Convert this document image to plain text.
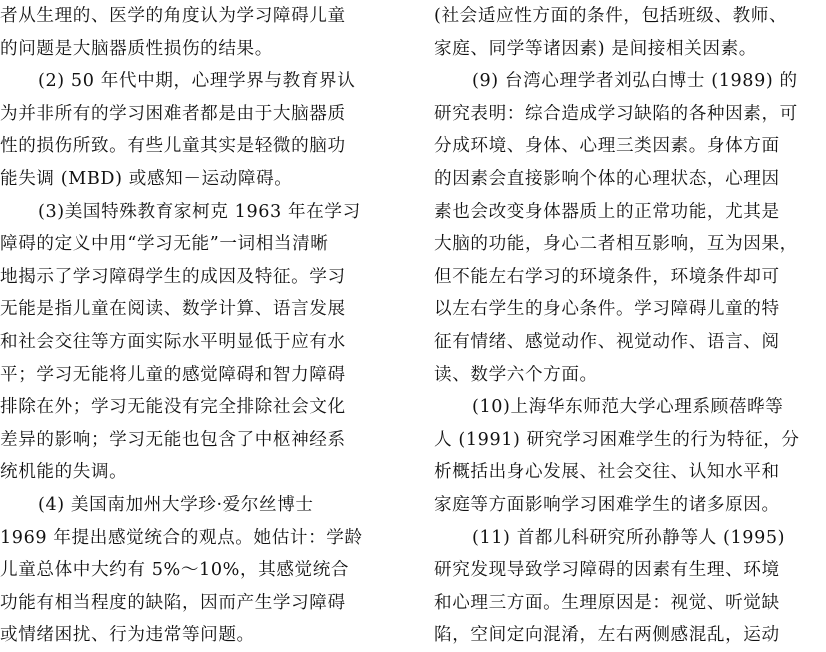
者从生理的、医学的角度认为学习障碍儿童
的问题是大脑器质性损伤的结果。
(2) 50 年代中期，心理学界与教育界认
为并非所有的学习困难者都是由于大脑器质
性的损伤所致。有些儿童其实是轻微的脑功
能失调 (MBD) 或感知－运动障碍。
(3)美国特殊教育家柯克 1963 年在学习
障碍的定义中用“学习无能”一词相当清晰
地揭示了学习障碍学生的成因及特征。学习
无能是指儿童在阅读、数学计算、语言发展
和社会交往等方面实际水平明显低于应有水
平；学习无能将儿童的感觉障碍和智力障碍
排除在外；学习无能没有完全排除社会文化
差异的影响；学习无能也包含了中枢神经系
统机能的失调。
(4) 美国南加州大学珍·爱尔丝博士
1969 年提出感觉统合的观点。她估计：学龄
儿童总体中大约有 5%～10%，其感觉统合
功能有相当程度的缺陷，因而产生学习障碍
或情绪困扰、行为违常等问题。
(社会适应性方面的条件，包括班级、教师、
家庭、同学等诸因素) 是间接相关因素。
(9) 台湾心理学者刘弘白博士 (1989) 的
研究表明：综合造成学习缺陷的各种因素，可
分成环境、身体、心理三类因素。身体方面
的因素会直接影响个体的心理状态，心理因
素也会改变身体器质上的正常功能，尤其是
大脑的功能，身心二者相互影响，互为因果，
但不能左右学习的环境条件，环境条件却可
以左右学生的身心条件。学习障碍儿童的特
征有情绪、感觉动作、视觉动作、语言、阅
读、数学六个方面。
(10)上海华东师范大学心理系顾蓓晔等
人 (1991) 研究学习困难学生的行为特征，分
析概括出身心发展、社会交往、认知水平和
家庭等方面影响学习困难学生的诸多原因。
(11) 首都儿科研究所孙静等人 (1995)
研究发现导致学习障碍的因素有生理、环境
和心理三方面。生理原因是：视觉、听觉缺
陷，空间定向混淆，左右两侧感混乱，运动
